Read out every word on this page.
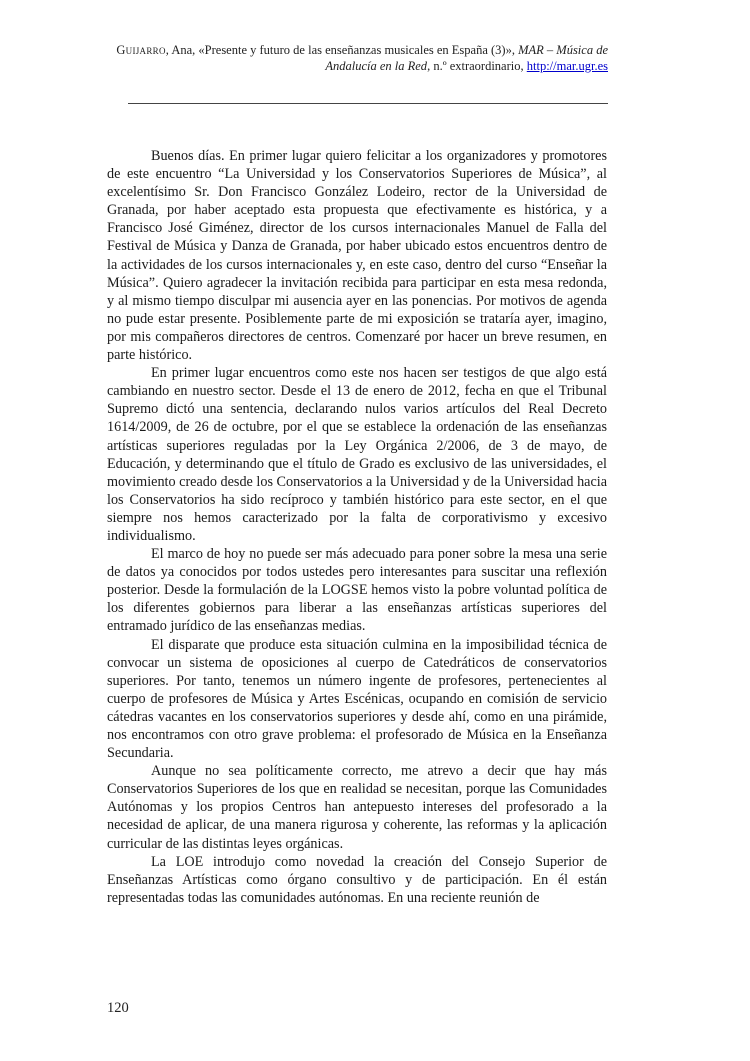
Guijarro, Ana, «Presente y futuro de las enseñanzas musicales en España (3)», MAR – Música de Andalucía en la Red, n.º extraordinario, http://mar.ugr.es

Buenos días. En primer lugar quiero felicitar a los organizadores y promotores de este encuentro “La Universidad y los Conservatorios Superiores de Música”, al excelentísimo Sr. Don Francisco González Lodeiro, rector de la Universidad de Granada, por haber aceptado esta propuesta que efectivamente es histórica, y a Francisco José Giménez, director de los cursos internacionales Manuel de Falla del Festival de Música y Danza de Granada, por haber ubicado estos encuentros dentro de la actividades de los cursos internacionales y, en este caso, dentro del curso “Enseñar la Música”. Quiero agradecer la invitación recibida para participar en esta mesa redonda, y al mismo tiempo disculpar mi ausencia ayer en las ponencias. Por motivos de agenda no pude estar presente. Posiblemente parte de mi exposición se trataría ayer, imagino, por mis compañeros directores de centros. Comenzaré por hacer un breve resumen, en parte histórico.

En primer lugar encuentros como este nos hacen ser testigos de que algo está cambiando en nuestro sector. Desde el 13 de enero de 2012, fecha en que el Tribunal Supremo dictó una sentencia, declarando nulos varios artículos del Real Decreto 1614/2009, de 26 de octubre, por el que se establece la ordenación de las enseñanzas artísticas superiores reguladas por la Ley Orgánica 2/2006, de 3 de mayo, de Educación, y determinando que el título de Grado es exclusivo de las universidades, el movimiento creado desde los Conservatorios a la Universidad y de la Universidad hacia los Conservatorios ha sido recíproco y también histórico para este sector, en el que siempre nos hemos caracterizado por la falta de corporativismo y excesivo individualismo.

El marco de hoy no puede ser más adecuado para poner sobre la mesa una serie de datos ya conocidos por todos ustedes pero interesantes para suscitar una reflexión posterior. Desde la formulación de la LOGSE hemos visto la pobre voluntad política de los diferentes gobiernos para liberar a las enseñanzas artísticas superiores del entramado jurídico de las enseñanzas medias.

El disparate que produce esta situación culmina en la imposibilidad técnica de convocar un sistema de oposiciones al cuerpo de Catedráticos de conservatorios superiores. Por tanto, tenemos un número ingente de profesores, pertenecientes al cuerpo de profesores de Música y Artes Escénicas, ocupando en comisión de servicio cátedras vacantes en los conservatorios superiores y desde ahí, como en una pirámide, nos encontramos con otro grave problema: el profesorado de Música en la Enseñanza Secundaria.

Aunque no sea políticamente correcto, me atrevo a decir que hay más Conservatorios Superiores de los que en realidad se necesitan, porque las Comunidades Autónomas y los propios Centros han antepuesto intereses del profesorado a la necesidad de aplicar, de una manera rigurosa y coherente, las reformas y la aplicación curricular de las distintas leyes orgánicas.

La LOE introdujo como novedad la creación del Consejo Superior de Enseñanzas Artísticas como órgano consultivo y de participación. En él están representadas todas las comunidades autónomas. En una reciente reunión de

120
